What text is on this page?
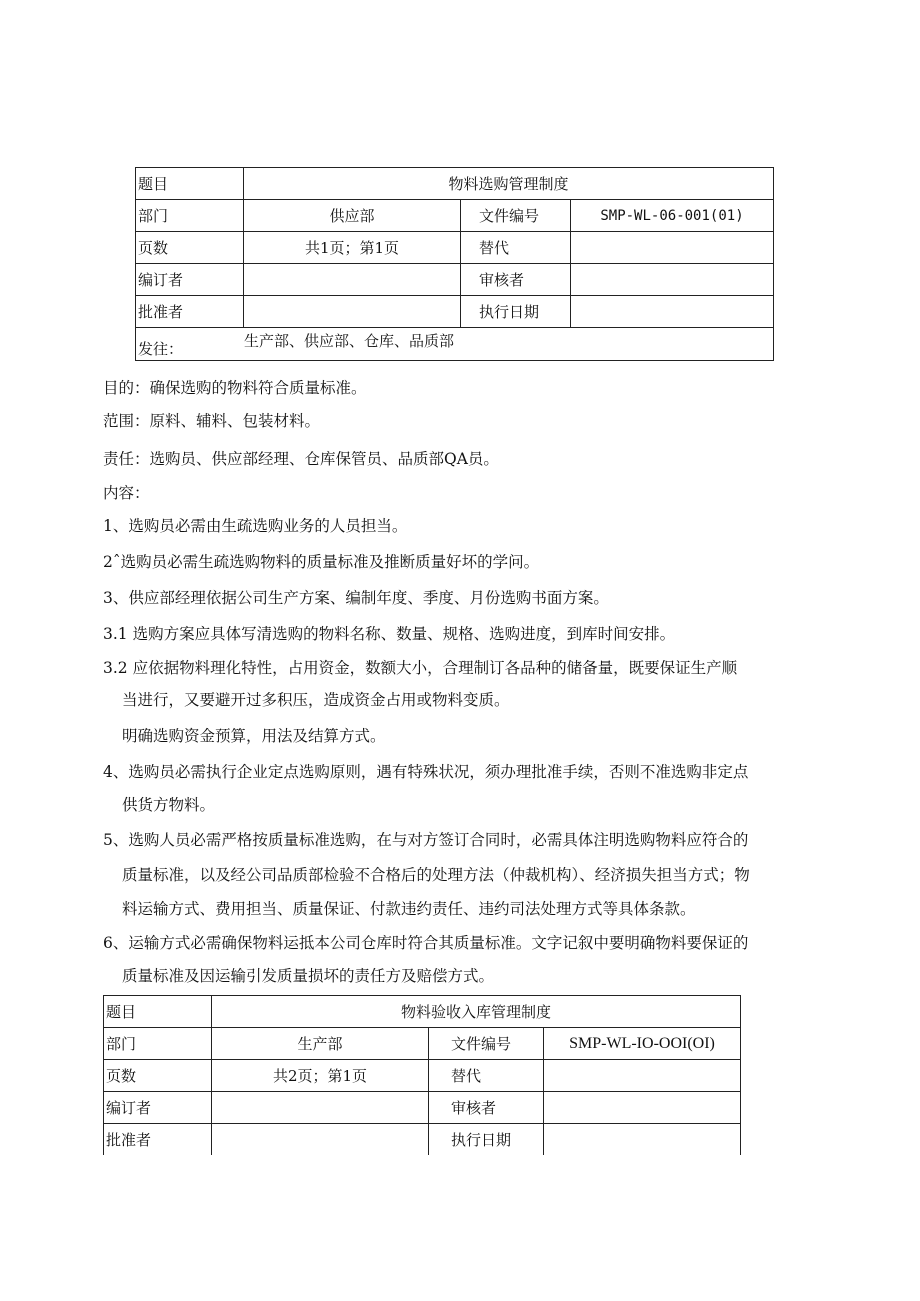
题目	物料选购管理制度		
部门	供应部	文件编号	SMP-WL-06-001(01)
页数	共1页；第1页	替代	
编订者		审核者	
批准者		执行日期	

发往： 生产部、供应部、仓库、品质部			
目的：确保选购的物料符合质量标准。
范围：原料、辅料、包装材料。
责任：选购员、供应部经理、仓库保管员、品质部QA员。
内容：
1、选购员必需由生疏选购业务的人员担当。
2ˆ选购员必需生疏选购物料的质量标准及推断质量好坏的学问。
3、供应部经理依据公司生产方案、编制年度、季度、月份选购书面方案。
3.1 选购方案应具体写清选购的物料名称、数量、规格、选购进度，到库时间安排。
3.2 应依据物料理化特性，占用资金，数额大小，合理制订各品种的储备量，既要保证生产顺
当进行，又要避开过多积压，造成资金占用或物料变质。
明确选购资金预算，用法及结算方式。
4、选购员必需执行企业定点选购原则，遇有特殊状况，须办理批准手续，否则不准选购非定点
供货方物料。
5、选购人员必需严格按质量标准选购，在与对方签订合同时，必需具体注明选购物料应符合的
质量标准，以及经公司品质部检验不合格后的处理方法（仲裁机构）、经济损失担当方式；物
料运输方式、费用担当、质量保证、付款违约责任、违约司法处理方式等具体条款。
6、运输方式必需确保物料运抵本公司仓库时符合其质量标准。文字记叙中要明确物料要保证的
质量标准及因运输引发质量损坏的责任方及赔偿方式。
题目	物料验收入库管理制度		
部门	生产部	文件编号	SMP-WL-IO-OOI(OI)
页数	共2页；第1页	替代	
编订者		审核者	
批准者		执行日期	
